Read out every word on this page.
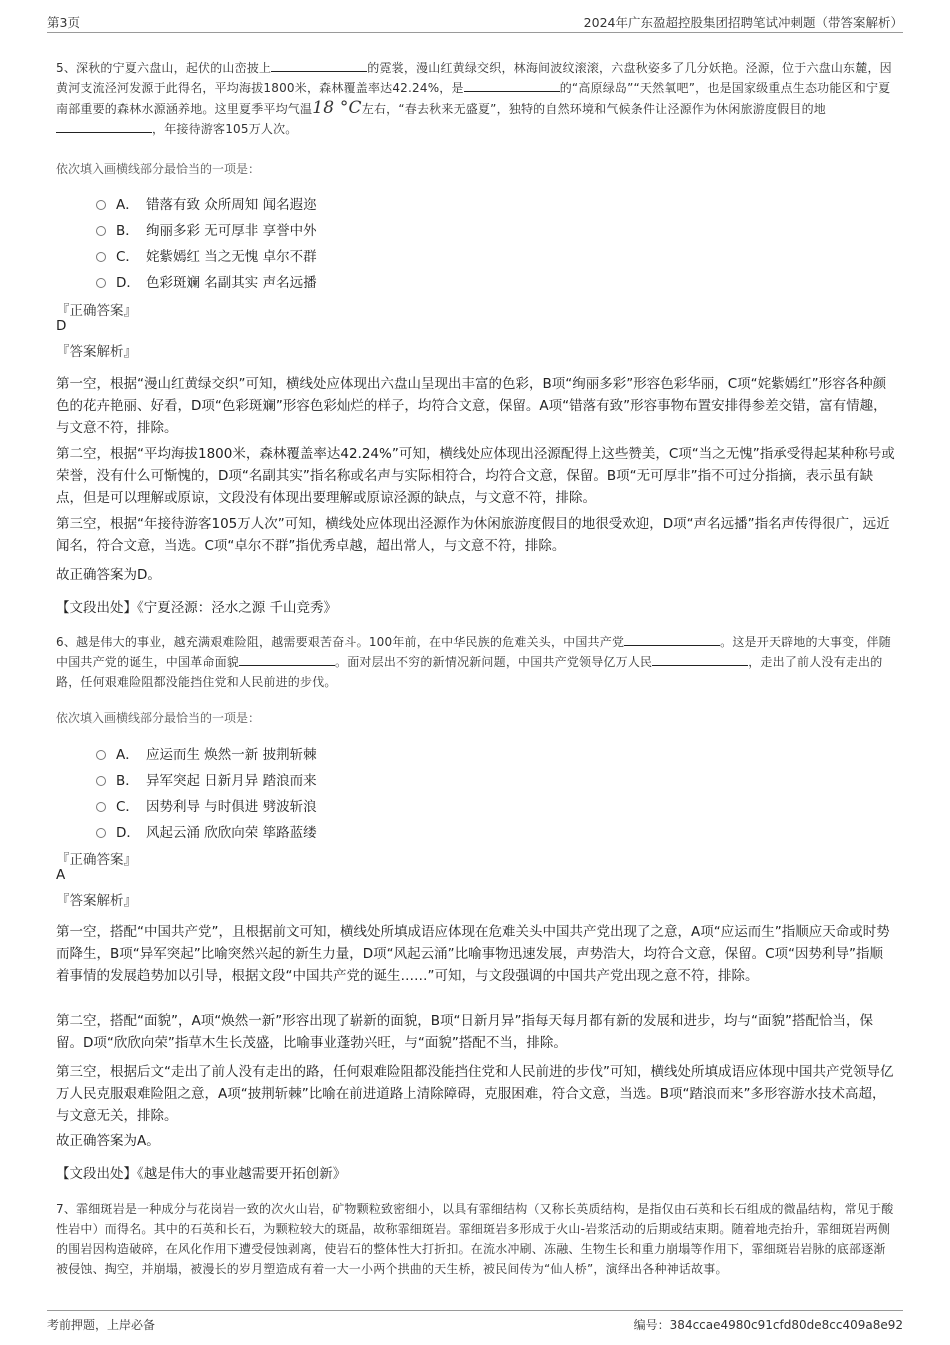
第3页	2024年广东盈超控股集团招聘笔试冲刺题（带答案解析）
5、深秋的宁夏六盘山，起伏的山峦披上	的霓裳，漫山红黄绿交织，林海间波纹滚滚，六盘秋姿多了几分妖艳。泾源，位于六盘山东麓，因黄河支流泾河发源于此得名，平均海拔1800米，森林覆盖率达42.24%，是	的“高原绿岛”“天然氧吧”，也是国家级重点生态功能区和宁夏南部重要的森林水源涵养地。这里夏季平均气温18 °C左右，“春去秋来无盛夏”，独特的自然环境和气候条件让泾源作为休闲旅游度假目的地，年接待游客105万人次。
依次填入画横线部分最恰当的一项是：
A． 错落有致 众所周知 闻名遐迩
B． 绚丽多彩 无可厚非 享誉中外
C． 姹紫嫣红 当之无愧 卓尔不群
D． 色彩斑斓 名副其实 声名远播
『正确答案』
D
『答案解析』
第一空，根据“漫山红黄绿交织”可知，横线处应体现出六盘山呈现出丰富的色彩，B项“绚丽多彩”形容色彩华丽，C项“姹紫嫣红”形容各种颜色的花卉艳丽、好看，D项“色彩斑斓”形容色彩灿烂的样子，均符合文意，保留。A项“错落有致”形容事物布置安排得参差交错，富有情趣，与文意不符，排除。
第二空，根据“平均海拔1800米，森林覆盖率达42.24%”可知，横线处应体现出泾源配得上这些赞美，C项“当之无愧”指承受得起某种称号或荣誉，没有什么可惭愧的，D项“名副其实”指名称或名声与实际相符合，均符合文意，保留。B项“无可厚非”指不可过分指摘，表示虽有缺点，但是可以理解或原谅，文段没有体现出要理解或原谅泾源的缺点，与文意不符，排除。
第三空，根据“年接待游客105万人次”可知，横线处应体现出泾源作为休闲旅游度假目的地很受欢迎，D项“声名远播”指名声传得很广，远近闻名，符合文意，当选。C项“卓尔不群”指优秀卓越，超出常人，与文意不符，排除。
故正确答案为D。
【文段出处】《宁夏泾源：泾水之源 千山竞秀》
6、越是伟大的事业，越充满艰难险阻，越需要艰苦奋斗。100年前，在中华民族的危难关头，中国共产党	。这是开天辟地的大事变，伴随中国共产党的诞生，中国革命面貌	。面对层出不穷的新情况新问题，中国共产党领导亿万人民	，走出了前人没有走出的路，任何艰难险阻都没能挡住党和人民前进的步伐。
依次填入画横线部分最恰当的一项是：
A． 应运而生 焕然一新 披荆斩棘
B． 异军突起 日新月异 踏浪而来
C． 因势利导 与时俱进 劈波斩浪
D． 风起云涌 欣欣向荣 筚路蓝缕
『正确答案』
A
『答案解析』
第一空，搭配“中国共产党”，且根据前文可知，横线处所填成语应体现在危难关头中国共产党出现了之意，A项“应运而生”指顺应天命或时势而降生，B项“异军突起”比喻突然兴起的新生力量，D项“风起云涌”比喻事物迅速发展，声势浩大，均符合文意，保留。C项“因势利导”指顺着事情的发展趋势加以引导，根据文段“中国共产党的诞生……”可知，与文段强调的中国共产党出现之意不符，排除。
第二空，搭配“面貌”，A项“焕然一新”形容出现了崭新的面貌，B项“日新月异”指每天每月都有新的发展和进步，均与“面貌”搭配恰当，保留。D项“欣欣向荣”指草木生长茂盛，比喻事业蓬勃兴旺，与“面貌”搭配不当，排除。
第三空，根据后文“走出了前人没有走出的路，任何艰难险阻都没能挡住党和人民前进的步伐”可知，横线处所填成语应体现中国共产党领导亿万人民克服艰难险阻之意，A项“披荆斩棘”比喻在前进道路上清除障碍，克服困难，符合文意，当选。B项“踏浪而来”多形容游水技术高超，与文意无关，排除。
故正确答案为A。
【文段出处】《越是伟大的事业越需要开拓创新》
7、霏细斑岩是一种成分与花岗岩一致的次火山岩，矿物颗粒致密细小，以具有霏细结构（又称长英质结构，是指仅由石英和长石组成的微晶结构，常见于酸性岩中）而得名。其中的石英和长石，为颗粒较大的斑晶，故称霏细斑岩。霏细斑岩多形成于火山-岩浆活动的后期或结束期。随着地壳抬升，霏细斑岩两侧的围岩因构造破碎，在风化作用下遭受侵蚀剥离，使岩石的整体性大打折扣。在流水冲刷、冻融、生物生长和重力崩塌等作用下，霏细斑岩岩脉的底部逐渐被侵蚀、掏空，并崩塌，被漫长的岁月塑造成有着一大一小两个拱曲的天生桥，被民间传为“仙人桥”，演绎出各种神话故事。
考前押题，上岸必备	编号：384ccae4980c91cfd80de8cc409a8e92
